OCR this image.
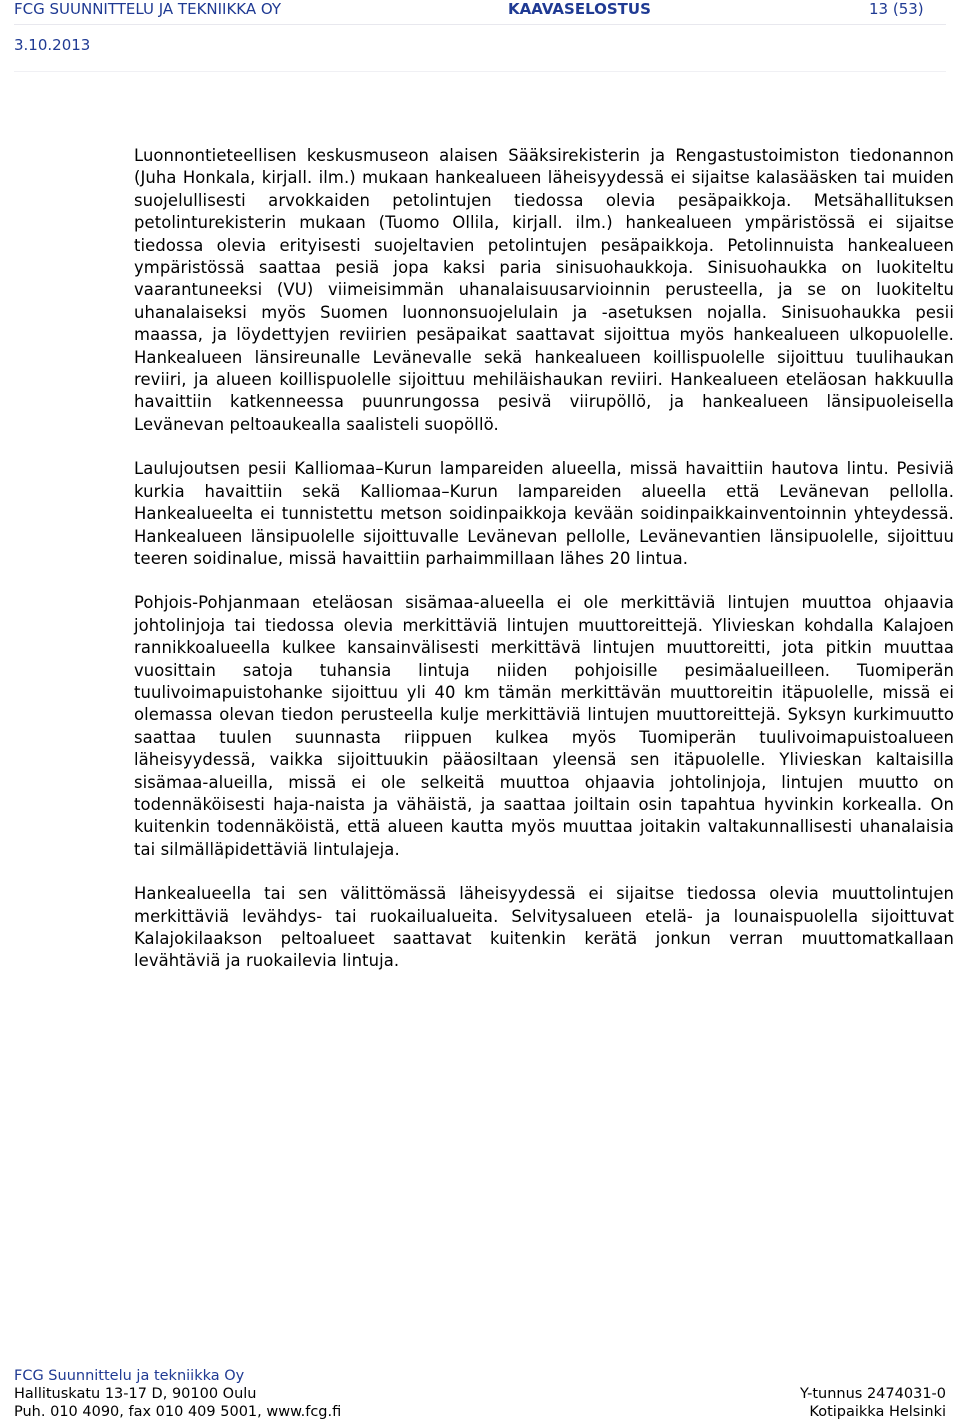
FCG SUUNNITTELU JA TEKNIIKKA OY	KAAVASELOSTUS	13 (53)
3.10.2013

Luonnontieteellisen keskusmuseon alaisen Sääksirekisterin ja Rengastustoimiston tiedonannon (Juha Honkala, kirjall. ilm.) mukaan hankealueen läheisyydessä ei sijaitse kalasääsken tai muiden suojelullisesti arvokkaiden petolintujen tiedossa olevia pesäpaikkoja. Metsähallituksen petolinturekisterin mukaan (Tuomo Ollila, kirjall. ilm.) hankealueen ympäristössä ei sijaitse tiedossa olevia erityisesti suojeltavien petolintujen pesäpaikkoja. Petolinnuista hankealueen ympäristössä saattaa pesiä jopa kaksi paria sinisuohaukkoja. Sinisuohaukka on luokiteltu vaarantuneeksi (VU) viimeisimmän uhanalaisuusarvioinnin perusteella, ja se on luokiteltu uhanalaiseksi myös Suomen luonnonsuojelulain ja -asetuksen nojalla. Sinisuohaukka pesii maassa, ja löydettyjen reviirien pesäpaikat saattavat sijoittua myös hankealueen ulkopuolelle. Hankealueen länsireunalle Levänevalle sekä hankealueen koillispuolelle sijoittuu tuulihaukan reviiri, ja alueen koillispuolelle sijoittuu mehiläishaukan reviiri. Hankealueen eteläosan hakkuulla havaittiin katkenneessa puunrungossa pesivä viirupöllö, ja hankealueen länsipuoleisella Levänevan peltoaukealla saalisteli suopöllö.

Laulujoutsen pesii Kalliomaa–Kurun lampareiden alueella, missä havaittiin hautova lintu. Pesiviä kurkia havaittiin sekä Kalliomaa–Kurun lampareiden alueella että Levänevan pellolla. Hankealueelta ei tunnistettu metson soidinpaikkoja kevään soidinpaikkainventoinnin yhteydessä. Hankealueen länsipuolelle sijoittuvalle Levänevan pellolle, Levänevantien länsipuolelle, sijoittuu teeren soidinalue, missä havaittiin parhaimmillaan lähes 20 lintua.

Pohjois-Pohjanmaan eteläosan sisämaa-alueella ei ole merkittäviä lintujen muuttoa ohjaavia johtolinjoja tai tiedossa olevia merkittäviä lintujen muuttoreittejä. Ylivieskan kohdalla Kalajoen rannikkoalueella kulkee kansainvälisesti merkittävä lintujen muuttoreitti, jota pitkin muuttaa vuosittain satoja tuhansia lintuja niiden pohjoisille pesimäalueilleen. Tuomiperän tuulivoimapuistohanke sijoittuu yli 40 km tämän merkittävän muuttoreitin itäpuolelle, missä ei olemassa olevan tiedon perusteella kulje merkittäviä lintujen muuttoreittejä. Syksyn kurkimuutto saattaa tuulen suunnasta riippuen kulkea myös Tuomiperän tuulivoimapuistoalueen läheisyydessä, vaikka sijoittuukin pääosiltaan yleensä sen itäpuolelle. Ylivieskan kaltaisilla sisämaa-alueilla, missä ei ole selkeitä muuttoa ohjaavia johtolinjoja, lintujen muutto on todennäköisesti haja-naista ja vähäistä, ja saattaa joiltain osin tapahtua hyvinkin korkealla. On kuitenkin todennäköistä, että alueen kautta myös muuttaa joitakin valtakunnallisesti uhanalaisia tai silmälläpidettäviä lintulajeja.

Hankealueella tai sen välittömässä läheisyydessä ei sijaitse tiedossa olevia muuttolintujen merkittäviä levähdys- tai ruokailualueita. Selvitysalueen etelä- ja lounaispuolella sijoittuvat Kalajokilaakson peltoalueet saattavat kuitenkin kerätä jonkun verran muuttomatkallaan levähtäviä ja ruokailevia lintuja.

FCG Suunnittelu ja tekniikka Oy
Hallituskatu 13-17 D, 90100 Oulu	Y-tunnus 2474031-0
Puh. 010 4090, fax 010 409 5001, www.fcg.fi	Kotipaikka Helsinki
